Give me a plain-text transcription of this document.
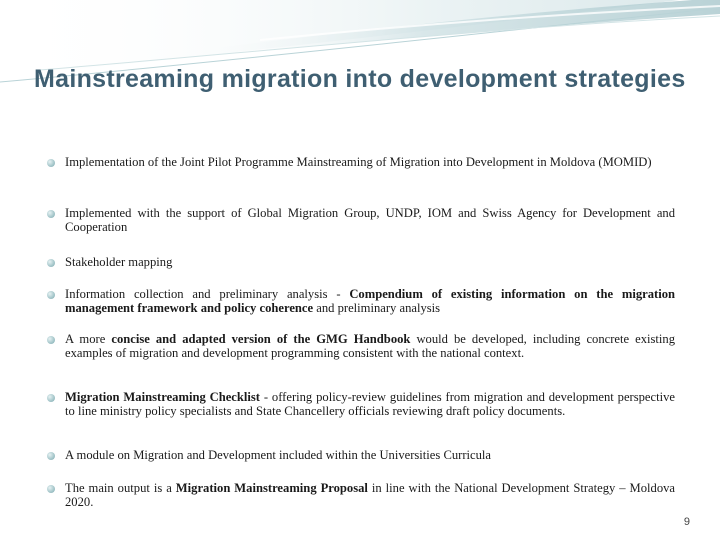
Mainstreaming migration into development strategies
Implementation of the Joint Pilot Programme Mainstreaming of Migration into Development in Moldova (MOMID)
Implemented with the support of Global Migration Group, UNDP, IOM and Swiss Agency for Development and Cooperation
Stakeholder mapping
Information collection and preliminary analysis - Compendium of existing information on the migration management framework and policy coherence and preliminary analysis
A more concise and adapted version of the GMG Handbook would be developed, including concrete existing examples of migration and development programming consistent with the national context.
Migration Mainstreaming Checklist - offering policy-review guidelines from migration and development perspective to line ministry policy specialists and State Chancellery officials reviewing draft policy documents.
A module on Migration and Development included within the Universities Curricula
The main output is a Migration Mainstreaming Proposal in line with the National Development Strategy – Moldova 2020.
9
